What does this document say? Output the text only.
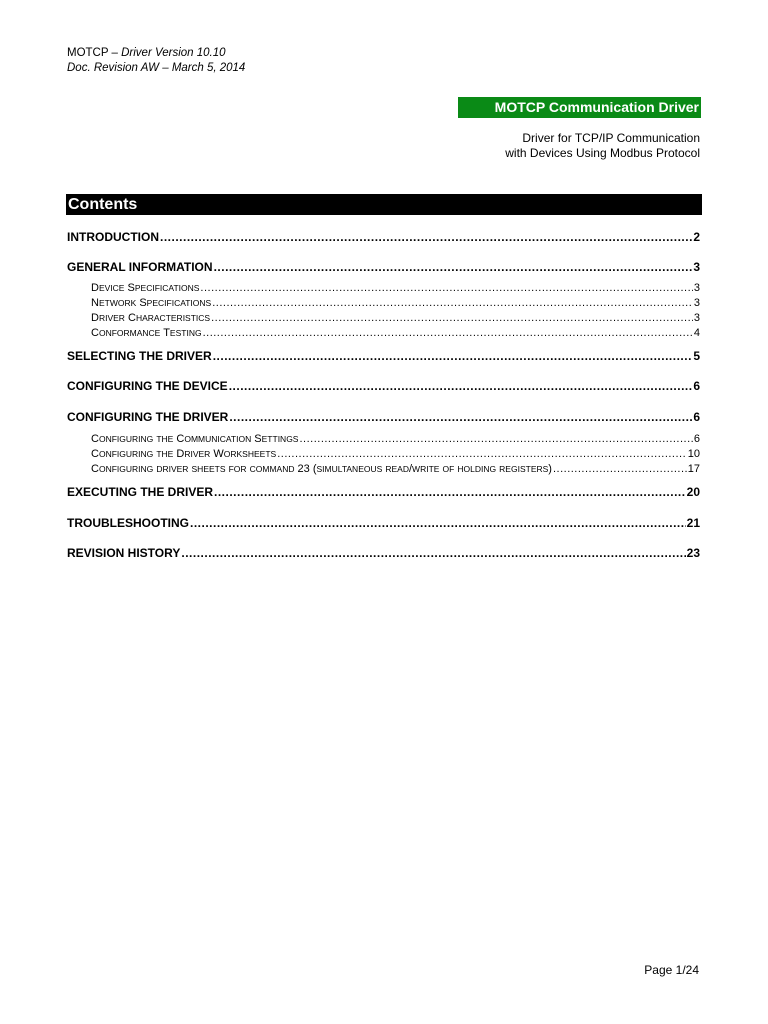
MOTCP – Driver Version 10.10
Doc. Revision AW – March 5, 2014
MOTCP Communication Driver
Driver for TCP/IP Communication
with Devices Using Modbus Protocol
Contents
INTRODUCTION .....	2
GENERAL INFORMATION .....	3
DEVICE SPECIFICATIONS .....	3
NETWORK SPECIFICATIONS .....	3
DRIVER CHARACTERISTICS .....	3
CONFORMANCE TESTING .....	4
SELECTING THE DRIVER .....	5
CONFIGURING THE DEVICE .....	6
CONFIGURING THE DRIVER .....	6
CONFIGURING THE COMMUNICATION SETTINGS .....	6
CONFIGURING THE DRIVER WORKSHEETS .....	10
CONFIGURING DRIVER SHEETS FOR COMMAND 23 (SIMULTANEOUS READ/WRITE OF HOLDING REGISTERS) .....	17
EXECUTING THE DRIVER .....	20
TROUBLESHOOTING .....	21
REVISION HISTORY .....	23
Page 1/24
